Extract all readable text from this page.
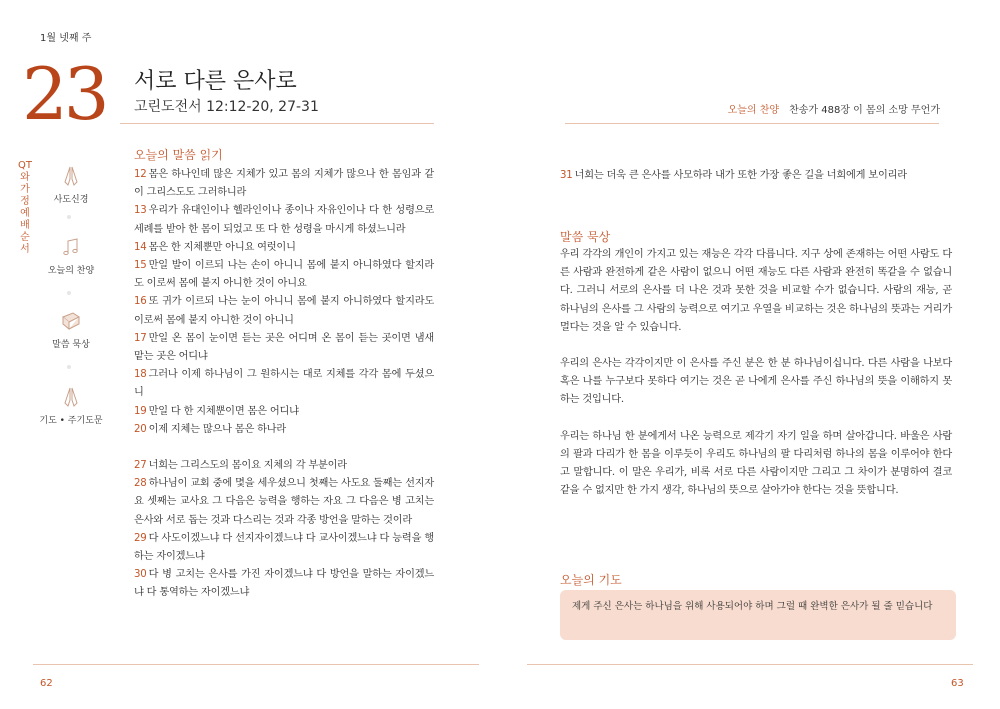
1월 넷째 주
23 서로 다른 은사로
고린도전서 12:12-20, 27-31	오늘의 찬양 찬송가 488장 이 몸의 소망 무언가
QT와 가정예배 순서
사도신경
오늘의 찬양
말씀 묵상
기도 • 주기도문
오늘의 말씀 읽기

12 몸은 하나인데 많은 지체가 있고 몸의 지체가 많으나 한 몸임과 같이 그리스도도 그러하니라

13 우리가 유대인이나 헬라인이나 종이나 자유인이나 다 한 성령으로 세례를 받아 한 몸이 되었고 또 다 한 성령을 마시게 하셨느니라

14 몸은 한 지체뿐만 아니요 여럿이니

15 만일 발이 이르되 나는 손이 아니니 몸에 붙지 아니하였다 할지라도 이로써 몸에 붙지 아니한 것이 아니요

16 또 귀가 이르되 나는 눈이 아니니 몸에 붙지 아니하였다 할지라도 이로써 몸에 붙지 아니한 것이 아니니

17 만일 온 몸이 눈이면 듣는 곳은 어디며 온 몸이 듣는 곳이면 냄새 맡는 곳은 어디냐

18 그러나 이제 하나님이 그 원하시는 대로 지체를 각각 몸에 두셨으니

19 만일 다 한 지체뿐이면 몸은 어디냐

20 이제 지체는 많으나 몸은 하나라

27 너희는 그리스도의 몸이요 지체의 각 부분이라

28 하나님이 교회 중에 몇을 세우셨으니 첫째는 사도요 둘째는 선지자요 셋째는 교사요 그 다음은 능력을 행하는 자요 그 다음은 병 고치는 은사와 서로 돕는 것과 다스리는 것과 각종 방언을 말하는 것이라

29 다 사도이겠느냐 다 선지자이겠느냐 다 교사이겠느냐 다 능력을 행하는 자이겠느냐

30 다 병 고치는 은사를 가진 자이겠느냐 다 방언을 말하는 자이겠느냐 다 통역하는 자이겠느냐

31 너희는 더욱 큰 은사를 사모하라 내가 또한 가장 좋은 길을 너희에게 보이리라
말씀 묵상

우리 각각의 개인이 가지고 있는 재능은 각각 다릅니다. 지구 상에 존재하는 어떤 사람도 다른 사람과 완전하게 같은 사람이 없으니 어떤 재능도 다른 사람과 완전히 똑같을 수 없습니다. 그러니 서로의 은사를 더 나은 것과 못한 것을 비교할 수가 없습니다. 사람의 재능, 곧 하나님의 은사를 그 사람의 능력으로 여기고 우열을 비교하는 것은 하나님의 뜻과는 거리가 멀다는 것을 알 수 있습니다.

우리의 은사는 각각이지만 이 은사를 주신 분은 한 분 하나님이십니다. 다른 사람을 나보다 혹은 나를 누구보다 못하다 여기는 것은 곧 나에게 은사를 주신 하나님의 뜻을 이해하지 못하는 것입니다.

우리는 하나님 한 분에게서 나온 능력으로 제각기 자기 일을 하며 살아갑니다. 바울은 사람의 팔과 다리가 한 몸을 이루듯이 우리도 하나님의 팔 다리처럼 하나의 몸을 이루어야 한다고 말합니다. 이 말은 우리가, 비록 서로 다른 사람이지만 그리고 그 차이가 분명하여 결코 같을 수 없지만 한 가지 생각, 하나님의 뜻으로 살아가야 한다는 것을 뜻합니다.

오늘의 기도
제게 주신 은사는 하나님을 위해 사용되어야 하며 그럴 때 완벽한 은사가 될 줄 믿습니다
62	63
